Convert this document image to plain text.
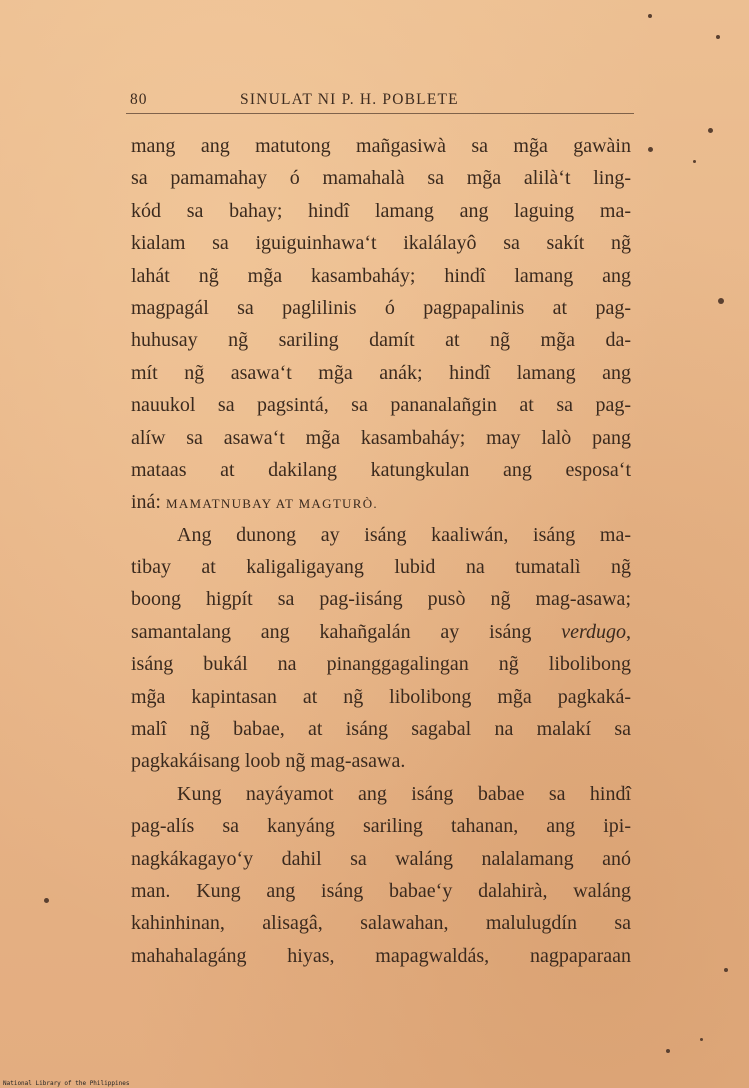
80	SINULAT NI P. H. POBLETE
mang ang matutong mañgasiwà sa mg̃a gawàin
sa pamamahay ó mamahalà sa mg̃a alilà‘t ling-
kód sa bahay; hindî lamang ang laguing ma-
kialam sa iguiguinhawa‘t ikalálayô sa sakít ng̃
lahát ng̃ mg̃a kasambaháy; hindî lamang ang
magpagál sa paglilinis ó pagpapalinis at pag-
huhusay ng̃ sariling damít at ng̃ mg̃a da-
mít ng̃ asawa‘t mg̃a anák; hindî lamang ang
nauukol sa pagsintá, sa pananalañgin at sa pag-
alíw sa asawa‘t mg̃a kasambaháy; may lalò pang
mataas at dakilang katungkulan ang esposa‘t
iná: MAMATNUBAY AT MAGTURÒ.
Ang dunong ay isáng kaaliwán, isáng ma-
tibay at kaligaligayang lubid na tumatalì ng̃
boong higpít sa pag-iisáng pusò ng̃ mag-asawa;
samantalang ang kahañgalán ay isáng verdugo,
isáng bukál na pinanggagalingan ng̃ libolibong
mg̃a kapintasan at ng̃ libolibong mg̃a pagkaká-
malî ng̃ babae, at isáng sagabal na malakí sa
pagkakáisang loob ng̃ mag-asawa.
Kung nayáyamot ang isáng babae sa hindî
pag-alís sa kanyáng sariling tahanan, ang ipi-
nagkákagayo‘y dahil sa waláng nalalamang anó
man. Kung ang isáng babae‘y dalahirà, waláng
kahinhinan, alisagâ, salawahan, malulugdín sa
mahahalagáng hiyas, mapagwaldás, nagpaparaan
National Library of the Philippines
